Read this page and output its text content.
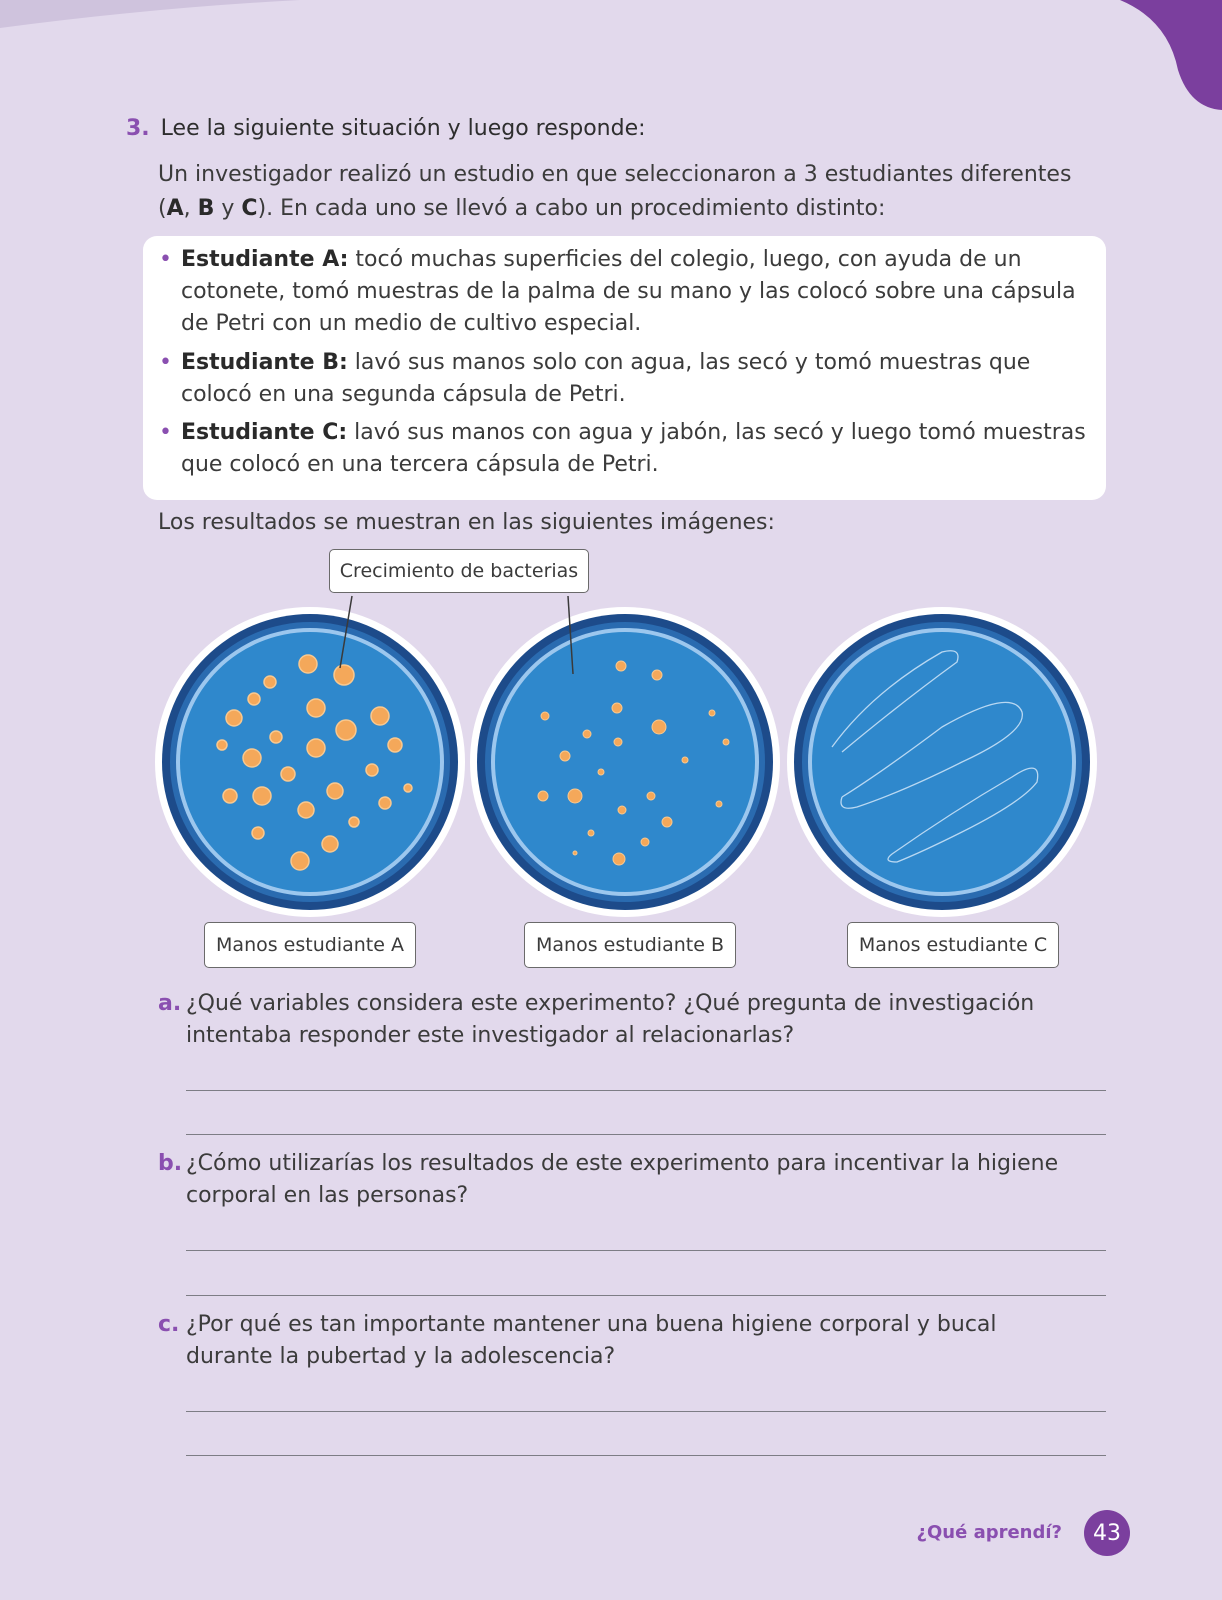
3. Lee la siguiente situación y luego responde:
Un investigador realizó un estudio en que seleccionaron a 3 estudiantes diferentes
(A, B y C). En cada uno se llevó a cabo un procedimiento distinto:
• Estudiante A: tocó muchas superficies del colegio, luego, con ayuda de un cotonete, tomó muestras de la palma de su mano y las colocó sobre una cápsula de Petri con un medio de cultivo especial.
• Estudiante B: lavó sus manos solo con agua, las secó y tomó muestras que colocó en una segunda cápsula de Petri.
• Estudiante C: lavó sus manos con agua y jabón, las secó y luego tomó muestras que colocó en una tercera cápsula de Petri.
Los resultados se muestran en las siguientes imágenes:
Crecimiento de bacterias
Manos estudiante A	Manos estudiante B	Manos estudiante C
a. ¿Qué variables considera este experimento? ¿Qué pregunta de investigación intentaba responder este investigador al relacionarlas?
b. ¿Cómo utilizarías los resultados de este experimento para incentivar la higiene corporal en las personas?
c. ¿Por qué es tan importante mantener una buena higiene corporal y bucal durante la pubertad y la adolescencia?
¿Qué aprendí?	43
